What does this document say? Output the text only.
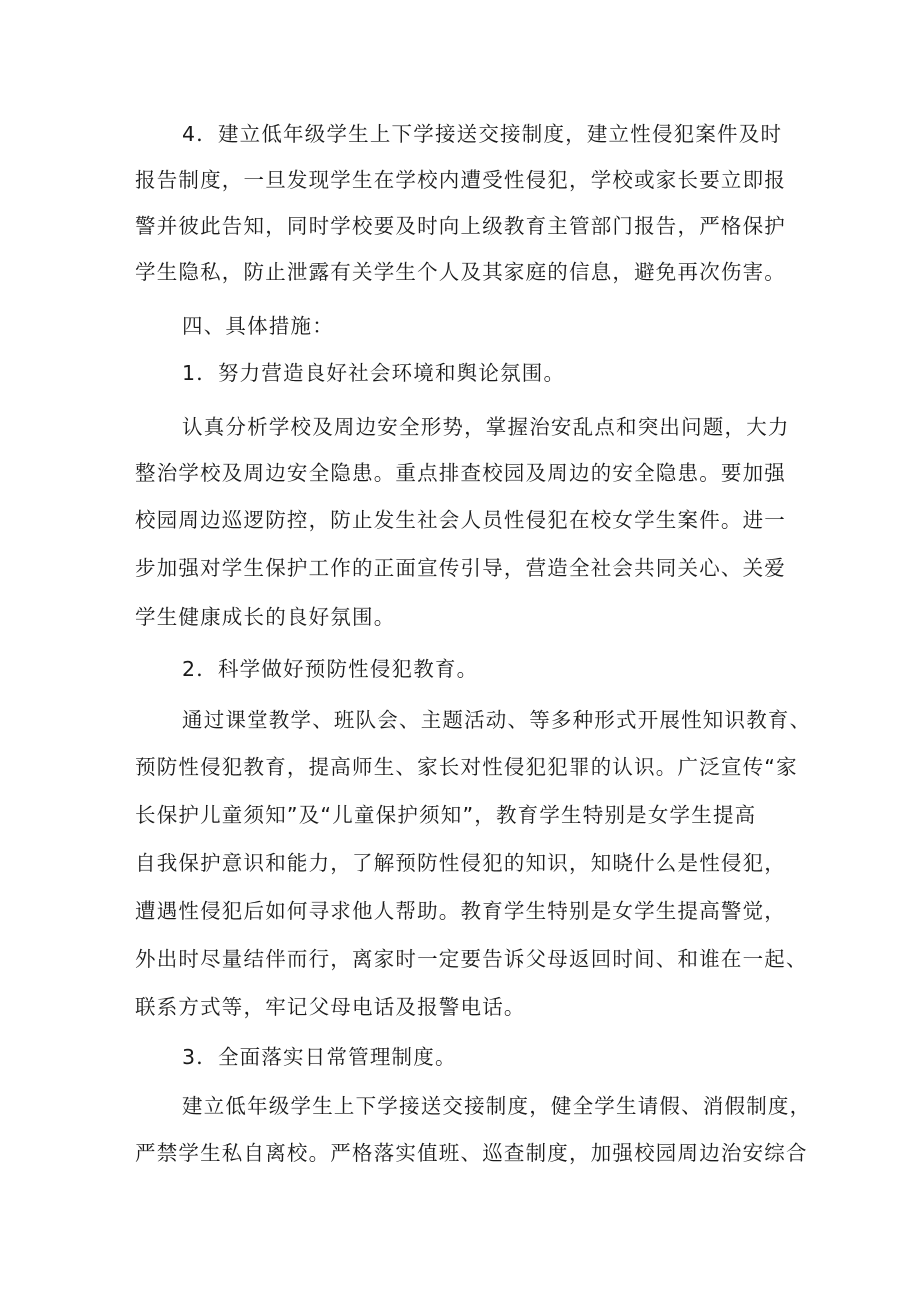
4．建立低年级学生上下学接送交接制度，建立性侵犯案件及时

报告制度，一旦发现学生在学校内遭受性侵犯，学校或家长要立即报

警并彼此告知，同时学校要及时向上级教育主管部门报告，严格保护

学生隐私，防止泄露有关学生个人及其家庭的信息，避免再次伤害。

四、具体措施：

1．努力营造良好社会环境和舆论氛围。

认真分析学校及周边安全形势，掌握治安乱点和突出问题，大力

整治学校及周边安全隐患。重点排查校园及周边的安全隐患。要加强

校园周边巡逻防控，防止发生社会人员性侵犯在校女学生案件。进一

步加强对学生保护工作的正面宣传引导，营造全社会共同关心、关爱

学生健康成长的良好氛围。

2．科学做好预防性侵犯教育。

通过课堂教学、班队会、主题活动、等多种形式开展性知识教育、

预防性侵犯教育，提高师生、家长对性侵犯犯罪的认识。广泛宣传“家

长保护儿童须知”及“儿童保护须知”，教育学生特别是女学生提高

自我保护意识和能力，了解预防性侵犯的知识，知晓什么是性侵犯，

遭遇性侵犯后如何寻求他人帮助。教育学生特别是女学生提高警觉，

外出时尽量结伴而行，离家时一定要告诉父母返回时间、和谁在一起、

联系方式等，牢记父母电话及报警电话。

3．全面落实日常管理制度。

建立低年级学生上下学接送交接制度，健全学生请假、消假制度，

严禁学生私自离校。严格落实值班、巡查制度，加强校园周边治安综合
